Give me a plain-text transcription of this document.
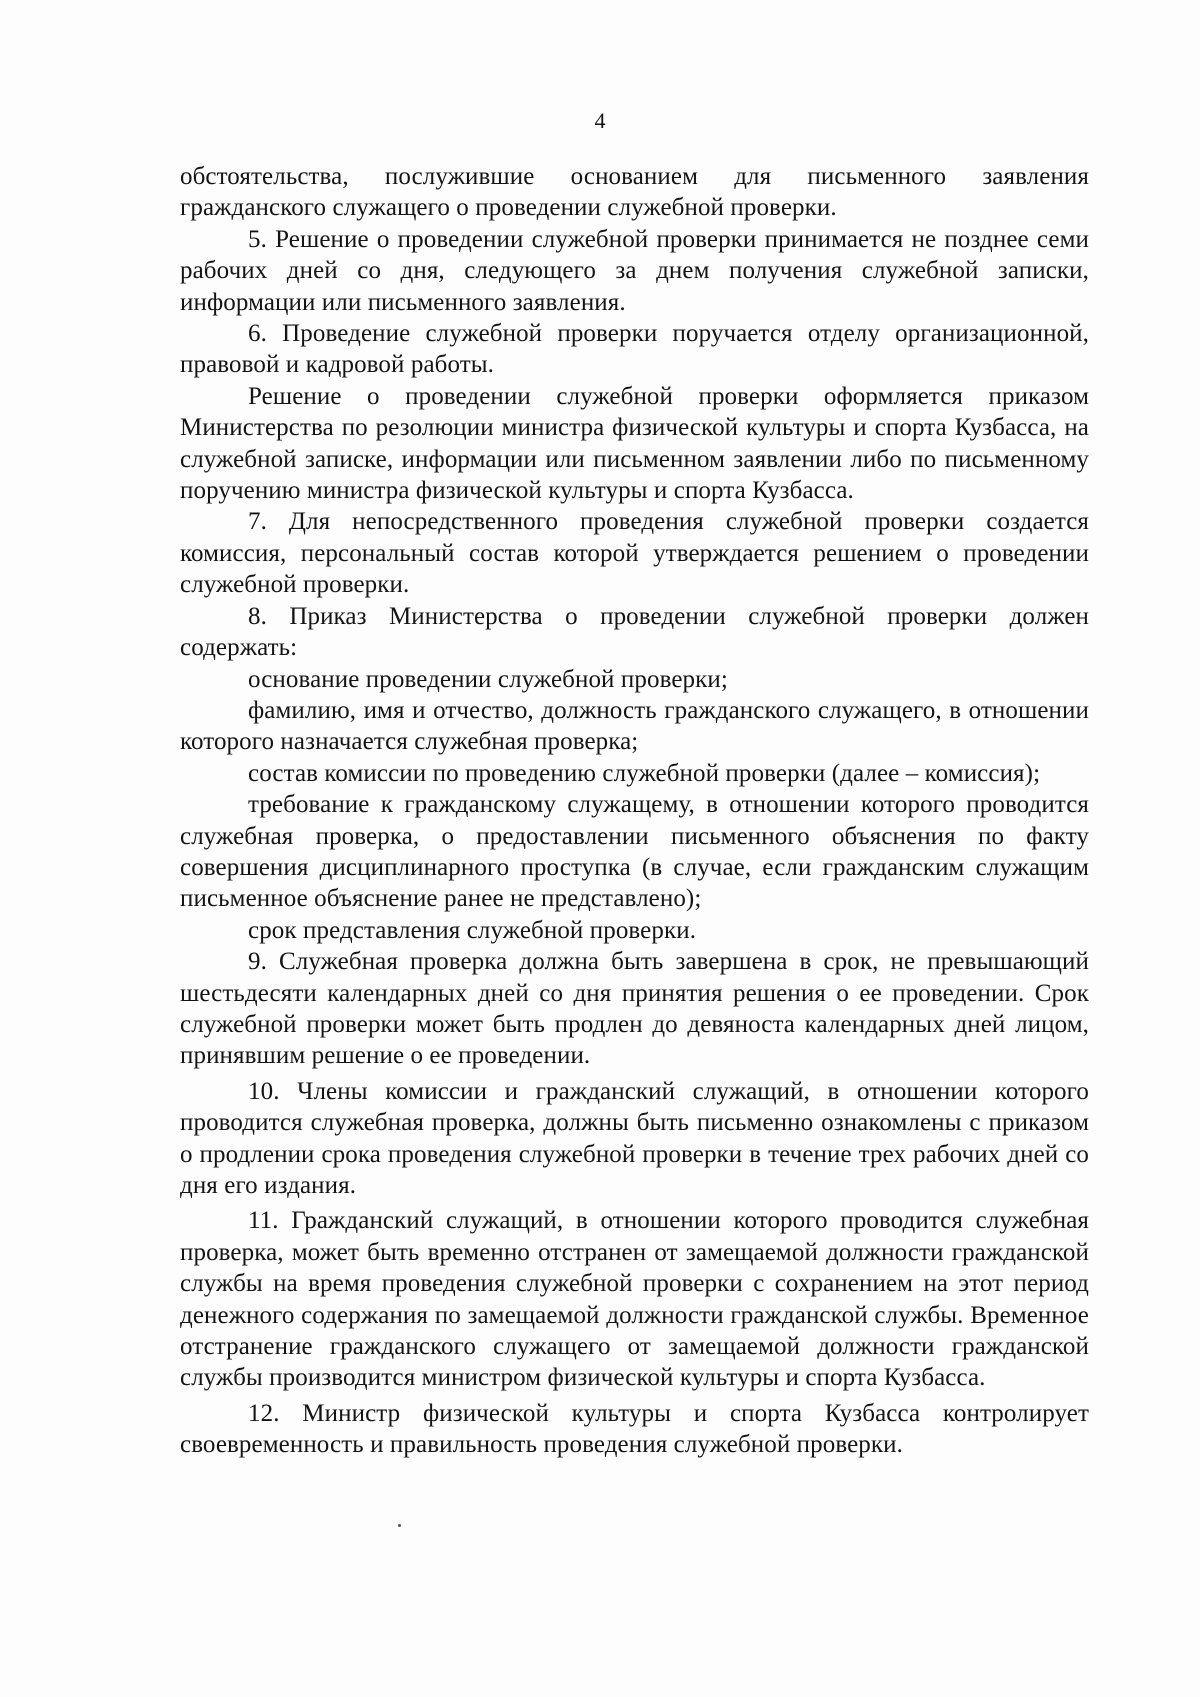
4

обстоятельства, послужившие основанием для письменного заявления гражданского служащего о проведении служебной проверки.

5. Решение о проведении служебной проверки принимается не позднее семи рабочих дней со дня, следующего за днем получения служебной записки, информации или письменного заявления.

6. Проведение служебной проверки поручается отделу организационной, правовой и кадровой работы.

Решение о проведении служебной проверки оформляется приказом Министерства по резолюции министра физической культуры и спорта Кузбасса, на служебной записке, информации или письменном заявлении либо по письменному поручению министра физической культуры и спорта Кузбасса.

7. Для непосредственного проведения служебной проверки создается комиссия, персональный состав которой утверждается решением о проведении служебной проверки.

8. Приказ Министерства о проведении служебной проверки должен содержать:

основание проведении служебной проверки;

фамилию, имя и отчество, должность гражданского служащего, в отношении которого назначается служебная проверка;

состав комиссии по проведению служебной проверки (далее – комиссия);

требование к гражданскому служащему, в отношении которого проводится служебная проверка, о предоставлении письменного объяснения по факту совершения дисциплинарного проступка (в случае, если гражданским служащим письменное объяснение ранее не представлено);

срок представления служебной проверки.

9. Служебная проверка должна быть завершена в срок, не превышающий шестьдесяти календарных дней со дня принятия решения о ее проведении. Срок служебной проверки может быть продлен до девяноста календарных дней лицом, принявшим решение о ее проведении.

10. Члены комиссии и гражданский служащий, в отношении которого проводится служебная проверка, должны быть письменно ознакомлены с приказом о продлении срока проведения служебной проверки в течение трех рабочих дней со дня его издания.

11. Гражданский служащий, в отношении которого проводится служебная проверка, может быть временно отстранен от замещаемой должности гражданской службы на время проведения служебной проверки с сохранением на этот период денежного содержания по замещаемой должности гражданской службы. Временное отстранение гражданского служащего от замещаемой должности гражданской службы производится министром физической культуры и спорта Кузбасса.

12. Министр физической культуры и спорта Кузбасса контролирует своевременность и правильность проведения служебной проверки.
